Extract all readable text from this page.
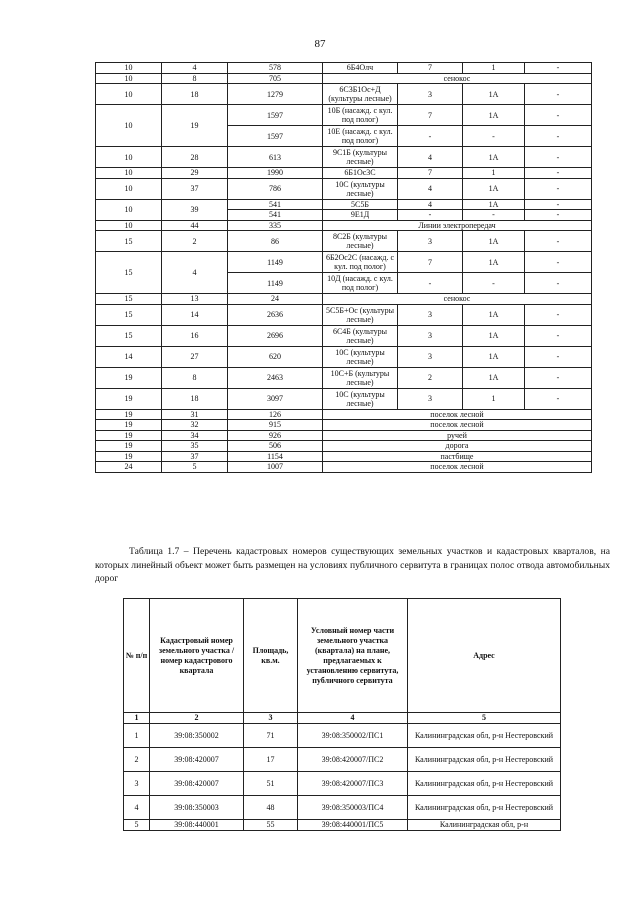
87
10	4	578	6Б4Олч	7	1	-
10	8	705	сенокос			
10	18	1279	6С3Б1Ос+Д (культуры лесные)	3	1А	-
10	19	1597	10Б (насажд. с кул. под полог)	7	1А	-
		1597	10Е (насажд. с кул. под полог)	-	-	-
10	28	613	9С1Б (культуры лесные)	4	1А	-
10	29	1990	6Б1Ос3С	7	1	-
10	37	786	10С (культуры лесные)	4	1А	-
10	39	541	5С5Б	4	1А	-
		541	9Е1Д	-	-	-
10	44	335	Линии электропередач			
15	2	86	8С2Б (культуры лесные)	3	1А	-
15	4	1149	6Б2Ос2С (насажд. с кул. под полог)	7	1А	-
		1149	10Д (насажд. с кул. под полог)	-	-	-
15	13	24	сенокос			
15	14	2636	5С5Б+Ос (культуры лесные)	3	1А	-
15	16	2696	6С4Б (культуры лесные)	3	1А	-
14	27	620	10С (культуры лесные)	3	1А	-
19	8	2463	10С+Б (культуры лесные)	2	1А	-
19	18	3097	10С (культуры лесные)	3	1	-
19	31	126	поселок лесной			
19	32	915	поселок лесной			
19	34	926	ручей			
19	35	506	дорога			
19	37	1154	пастбище			
24	5	1007	поселок лесной			

Таблица 1.7 – Перечень кадастровых номеров существующих земельных участков и кадастровых кварталов, на которых линейный объект может быть размещен на условиях публичного сервитута в границах полос отвода автомобильных дорог

№ п/п	Кадастровый номер земельного участка /номер кадастрового квартала	Площадь, кв.м.	Условный номер части земельного участка (квартала) на плане, предлагаемых к установлению сервитута, публичного сервитута	Адрес
1	2	3	4	5
1	39:08:350002	71	39:08:350002/ПС1	Калининградская обл, р-н Нестеровский
2	39:08:420007	17	39:08:420007/ПС2	Калининградская обл, р-н Нестеровский
3	39:08:420007	51	39:08:420007/ПС3	Калининградская обл, р-н Нестеровский
4	39:08:350003	48	39:08:350003/ПС4	Калининградская обл, р-н Нестеровский
5	39:08:440001	55	39:08:440001/ПС5	Калининградская обл, р-н
